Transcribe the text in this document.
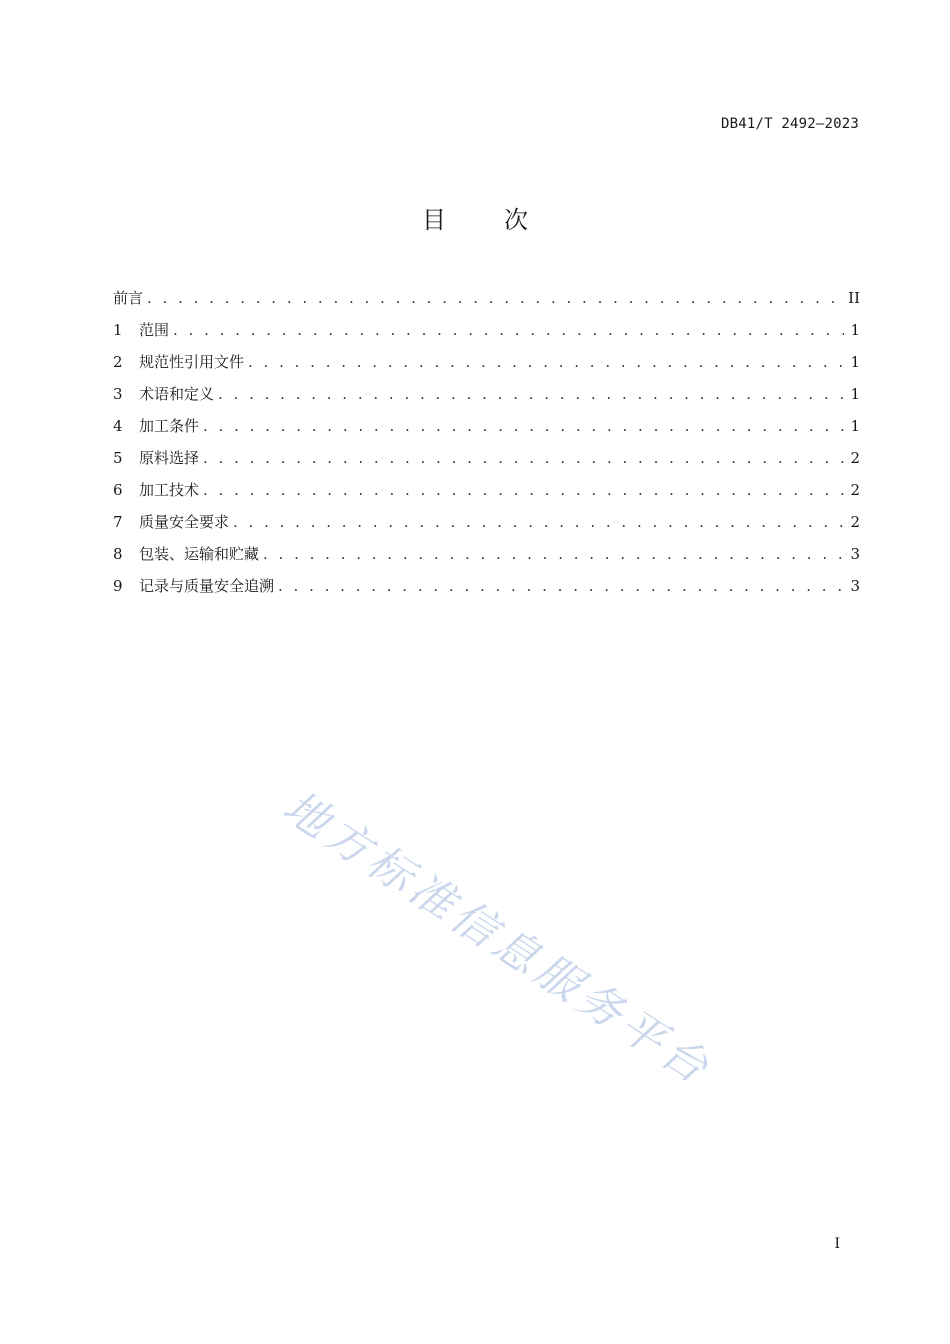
DB41/T 2492—2023
目 次
前言 . . .	II
1	范围 . . .	1
2	规范性引用文件 . . .	1
3	术语和定义 . . .	1
4	加工条件 . . .	1
5	原料选择 . . .	2
6	加工技术 . . .	2
7	质量安全要求 . . .	2
8	包装、运输和贮藏 . . .	3
9	记录与质量安全追溯 . . .	3
地方标准信息服务平台
I
